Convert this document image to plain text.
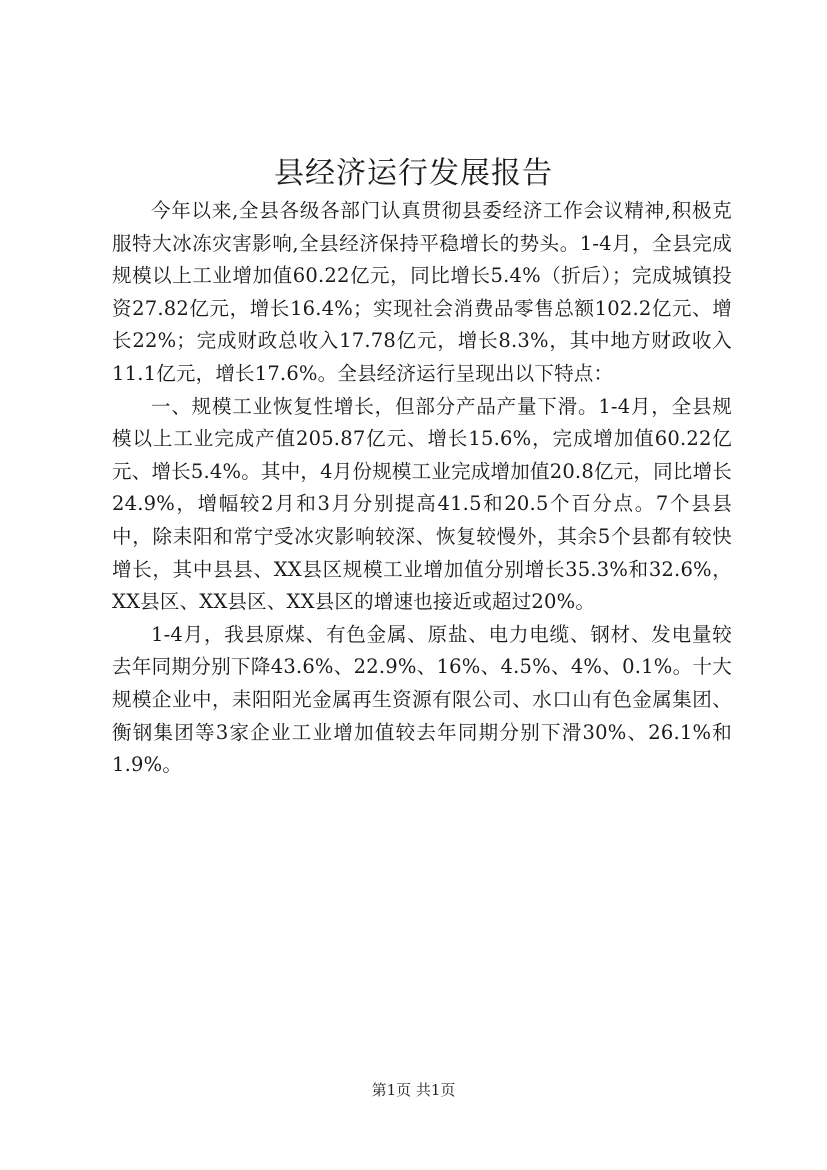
县经济运行发展报告

今年以来,全县各级各部门认真贯彻县委经济工作会议精神,积极克服特大冰冻灾害影响,全县经济保持平稳增长的势头。1-4月，全县完成规模以上工业增加值60.22亿元，同比增长5.4%（折后）；完成城镇投资27.82亿元，增长16.4%；实现社会消费品零售总额102.2亿元、增长22%；完成财政总收入17.78亿元，增长8.3%，其中地方财政收入11.1亿元，增长17.6%。全县经济运行呈现出以下特点：

一、规模工业恢复性增长，但部分产品产量下滑。1-4月，全县规模以上工业完成产值205.87亿元、增长15.6%，完成增加值60.22亿元、增长5.4%。其中，4月份规模工业完成增加值20.8亿元，同比增长24.9%，增幅较2月和3月分别提高41.5和20.5个百分点。7个县县中，除耒阳和常宁受冰灾影响较深、恢复较慢外，其余5个县都有较快增长，其中县县、XX县区规模工业增加值分别增长35.3%和32.6%，XX县区、XX县区、XX县区的增速也接近或超过20%。

1-4月，我县原煤、有色金属、原盐、电力电缆、钢材、发电量较去年同期分别下降43.6%、22.9%、16%、4.5%、4%、0.1%。十大规模企业中，耒阳阳光金属再生资源有限公司、水口山有色金属集团、衡钢集团等3家企业工业增加值较去年同期分别下滑30%、26.1%和1.9%。

第1页 共1页
